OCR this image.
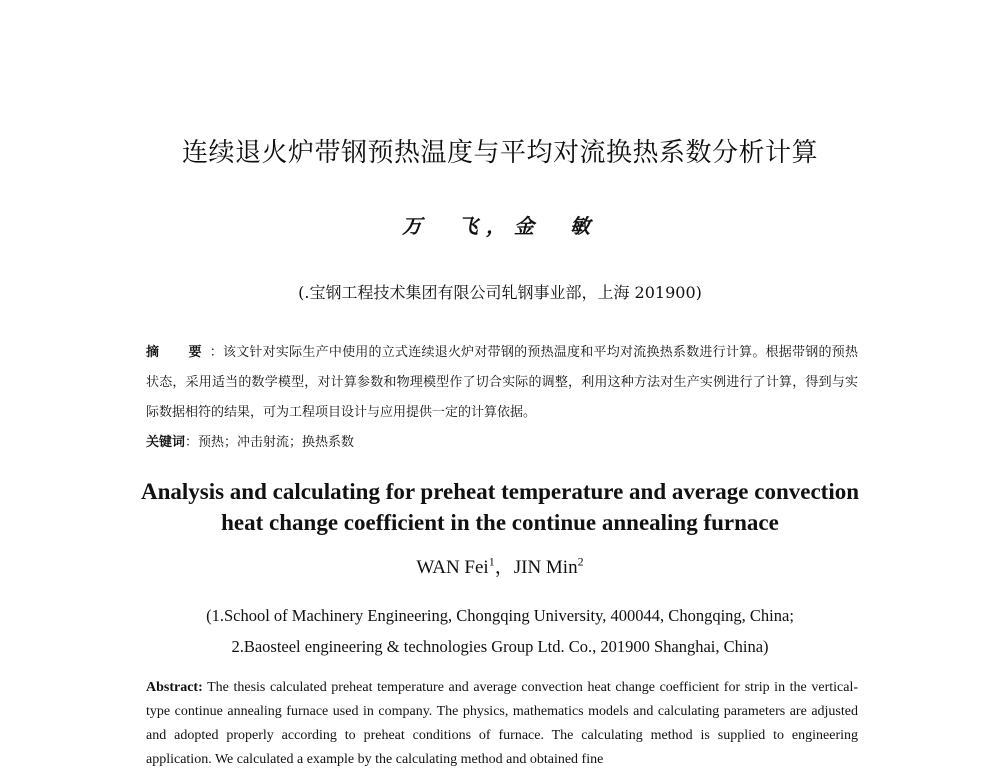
连续退火炉带钢预热温度与平均对流换热系数分析计算
万　飞，金　敏
(.宝钢工程技术集团有限公司轧钢事业部，上海 201900)
摘　要：该文针对实际生产中使用的立式连续退火炉对带钢的预热温度和平均对流换热系数进行计算。根据带钢的预热状态，采用适当的数学模型，对计算参数和物理模型作了切合实际的调整，利用这种方法对生产实例进行了计算，得到与实际数据相符的结果，可为工程项目设计与应用提供一定的计算依据。
关键词：预热；冲击射流；换热系数
Analysis and calculating for preheat temperature and average convection
heat change coefficient in the continue annealing furnace
WAN Fei$^1$，JIN Min$^2$
(1.School of Machinery Engineering, Chongqing University, 400044, Chongqing, China;
2.Baosteel engineering & technologies Group Ltd. Co., 201900 Shanghai, China)
Abstract: The thesis calculated preheat temperature and average convection heat change coefficient for strip in the vertical-type continue annealing furnace used in company. The physics, mathematics models and calculating parameters are adjusted and adopted properly according to preheat conditions of furnace. The calculating method is supplied to engineering application. We calculated a example by the calculating method and obtained fine
